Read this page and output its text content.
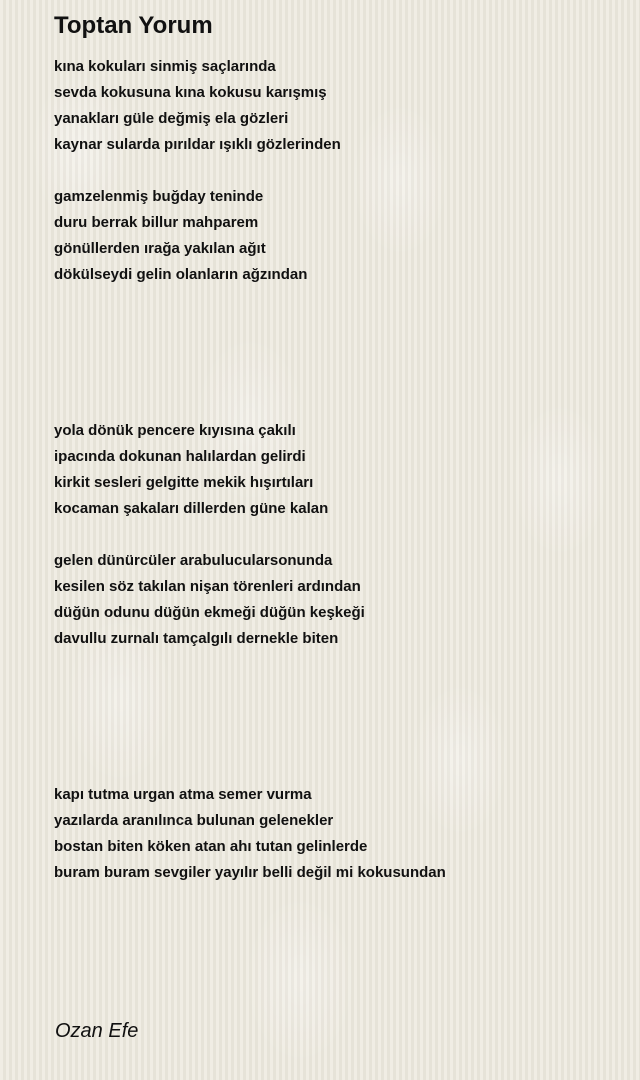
Toptan Yorum
kına kokuları sinmiş saçlarında
sevda kokusuna kına kokusu karışmış
yanakları güle değmiş ela gözleri
kaynar sularda pırıldar ışıklı gözlerinden
gamzelenmiş buğday teninde
duru berrak billur mahparem
gönüllerden ırağa yakılan ağıt
dökülseydi gelin olanların ağzından
yola dönük pencere kıyısına çakılı
ipacında dokunan halılardan gelirdi
kirkit sesleri gelgitte mekik hışırtıları
kocaman şakaları dillerden güne kalan
gelen dünürcüler arabulucularsonunda
kesilen söz takılan nişan törenleri ardından
düğün odunu düğün ekmeği düğün keşkeği
davullu zurnalı tamçalgılı dernekle biten
kapı tutma urgan atma semer vurma
yazılarda aranılınca bulunan gelenekler
bostan biten köken atan ahı tutan gelinlerde
buram buram sevgiler yayılır belli değil mi kokusundan
Ozan Efe
